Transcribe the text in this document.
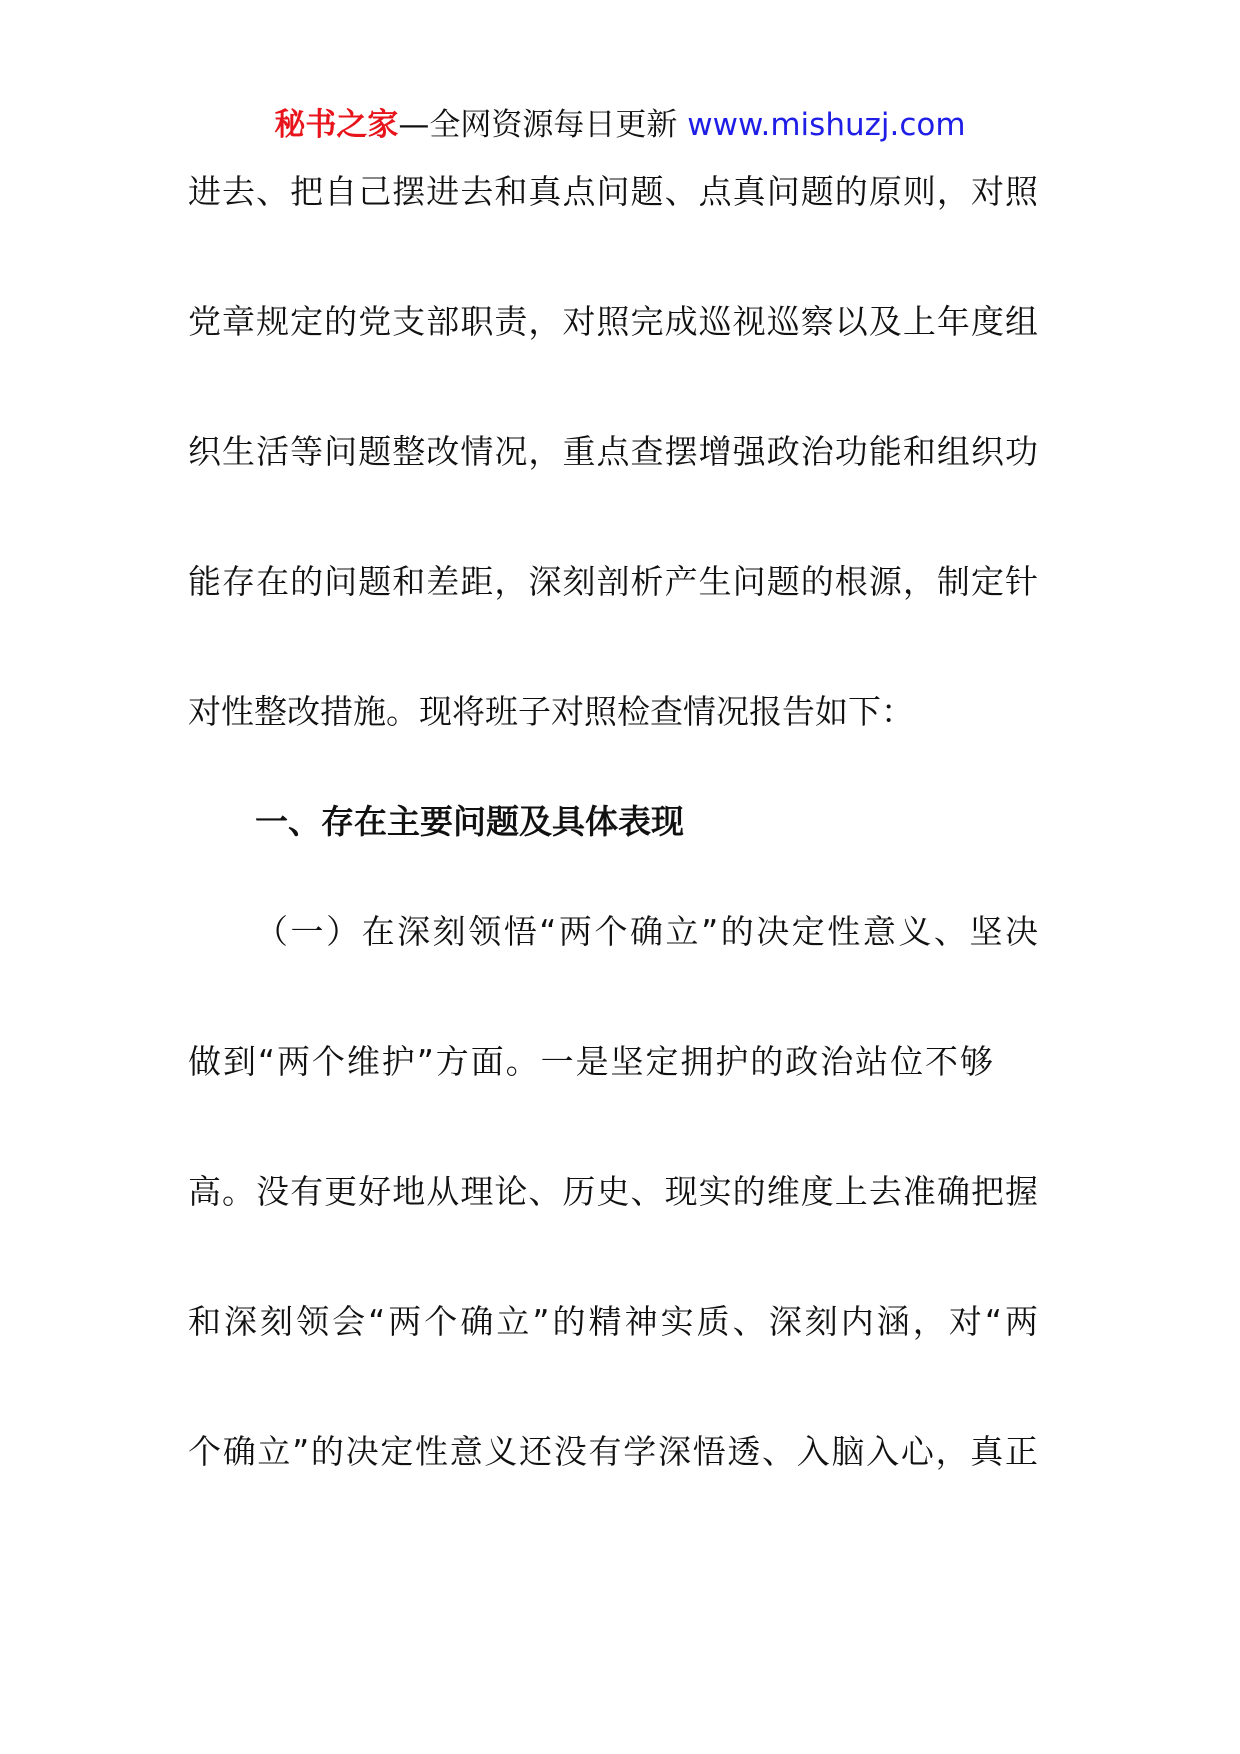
秘书之家—全网资源每日更新 www.mishuzj.com
进去、把自己摆进去和真点问题、点真问题的原则，对照
党章规定的党支部职责，对照完成巡视巡察以及上年度组
织生活等问题整改情况，重点查摆增强政治功能和组织功
能存在的问题和差距，深刻剖析产生问题的根源，制定针
对性整改措施。现将班子对照检查情况报告如下：
一、存在主要问题及具体表现
（一）在深刻领悟“两个确立”的决定性意义、坚决
做到“两个维护”方面。一是坚定拥护的政治站位不够
高。没有更好地从理论、历史、现实的维度上去准确把握
和深刻领会“两个确立”的精神实质、深刻内涵，对“两
个确立”的决定性意义还没有学深悟透、入脑入心，真正
